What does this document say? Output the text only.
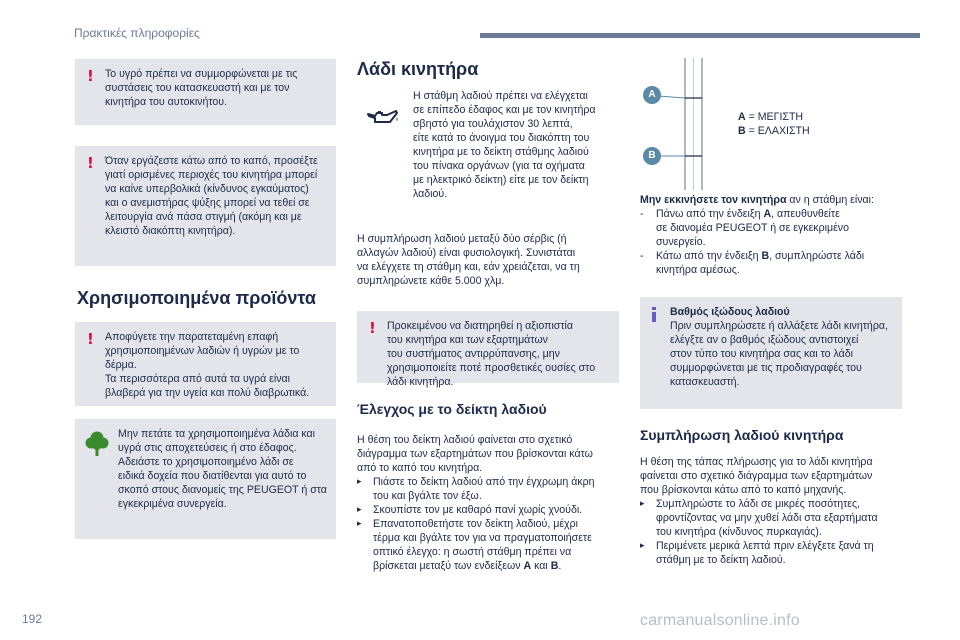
Πρακτικές πληροφορίες
! Το υγρό πρέπει να συμμορφώνεται με τις
συστάσεις του κατασκευαστή και με τον
κινητήρα του αυτοκινήτου.
! Όταν εργάζεστε κάτω από το καπό, προσέξτε
γιατί ορισμένες περιοχές του κινητήρα μπορεί
να καίνε υπερβολικά (κίνδυνος εγκαύματος)
και ο ανεμιστήρας ψύξης μπορεί να τεθεί σε
λειτουργία ανά πάσα στιγμή (ακόμη και με
κλειστό διακόπτη κινητήρα).
Χρησιμοποιημένα προϊόντα
! Αποφύγετε την παρατεταμένη επαφή
χρησιμοποιημένων λαδιών ή υγρών με το
δέρμα.
Τα περισσότερα από αυτά τα υγρά είναι
βλαβερά για την υγεία και πολύ διαβρωτικά.
Μην πετάτε τα χρησιμοποιημένα λάδια και
υγρά στις αποχετεύσεις ή στο έδαφος.
Αδειάστε το χρησιμοποιημένο λάδι σε
ειδικά δοχεία που διατίθενται για αυτό το
σκοπό στους διανομείς της PEUGEOT ή στα
εγκεκριμένα συνεργεία.
Λάδι κινητήρα
Η στάθμη λαδιού πρέπει να ελέγχεται
σε επίπεδο έδαφος και με τον κινητήρα
σβηστό για τουλάχιστον 30 λεπτά,
είτε κατά το άνοιγμα του διακόπτη του
κινητήρα με το δείκτη στάθμης λαδιού
του πίνακα οργάνων (για τα οχήματα
με ηλεκτρικό δείκτη) είτε με τον δείκτη
λαδιού.
Η συμπλήρωση λαδιού μεταξύ δύο σέρβις (ή
αλλαγών λαδιού) είναι φυσιολογική. Συνιστάται
να ελέγχετε τη στάθμη και, εάν χρειάζεται, να τη
συμπληρώνετε κάθε 5.000 χλμ.
! Προκειμένου να διατηρηθεί η αξιοπιστία
του κινητήρα και των εξαρτημάτων
του συστήματος αντιρρύπανσης, μην
χρησιμοποιείτε ποτέ προσθετικές ουσίες στο
λάδι κινητήρα.
Έλεγχος με το δείκτη λαδιού
Η θέση του δείκτη λαδιού φαίνεται στο σχετικό
διάγραμμα των εξαρτημάτων που βρίσκονται κάτω
από το καπό του κινητήρα.
▸	Πιάστε το δείκτη λαδιού από την έγχρωμη άκρη
του και βγάλτε τον έξω.
▸	Σκουπίστε τον με καθαρό πανί χωρίς χνούδι.
▸	Επανατοποθετήστε τον δείκτη λαδιού, μέχρι
τέρμα και βγάλτε τον για να πραγματοποιήσετε
οπτικό έλεγχο: η σωστή στάθμη πρέπει να
βρίσκεται μεταξύ των ενδείξεων A και B.
A
B
A = ΜΕΓΙΣΤΗ
B = ΕΛΑΧΙΣΤΗ
Μην εκκινήσετε τον κινητήρα αν η στάθμη είναι:
-	Πάνω από την ένδειξη A, απευθυνθείτε
σε διανομέα PEUGEOT ή σε εγκεκριμένο
συνεργείο.
-	Κάτω από την ένδειξη B, συμπληρώστε λάδι
κινητήρα αμέσως.
Βαθμός ιξώδους λαδιού
Πριν συμπληρώσετε ή αλλάξετε λάδι κινητήρα,
ελέγξτε αν ο βαθμός ιξώδους αντιστοιχεί
στον τύπο του κινητήρα σας και το λάδι
συμμορφώνεται με τις προδιαγραφές του
κατασκευαστή.
Συμπλήρωση λαδιού κινητήρα
Η θέση της τάπας πλήρωσης για το λάδι κινητήρα
φαίνεται στο σχετικό διάγραμμα των εξαρτημάτων
που βρίσκονται κάτω από το καπό μηχανής.
▸	Συμπληρώστε το λάδι σε μικρές ποσότητες,
φροντίζοντας να μην χυθεί λάδι στα εξαρτήματα
του κινητήρα (κίνδυνος πυρκαγιάς).
▸	Περιμένετε μερικά λεπτά πριν ελέγξετε ξανά τη
στάθμη με το δείκτη λαδιού.
192	carmanualsonline.info
